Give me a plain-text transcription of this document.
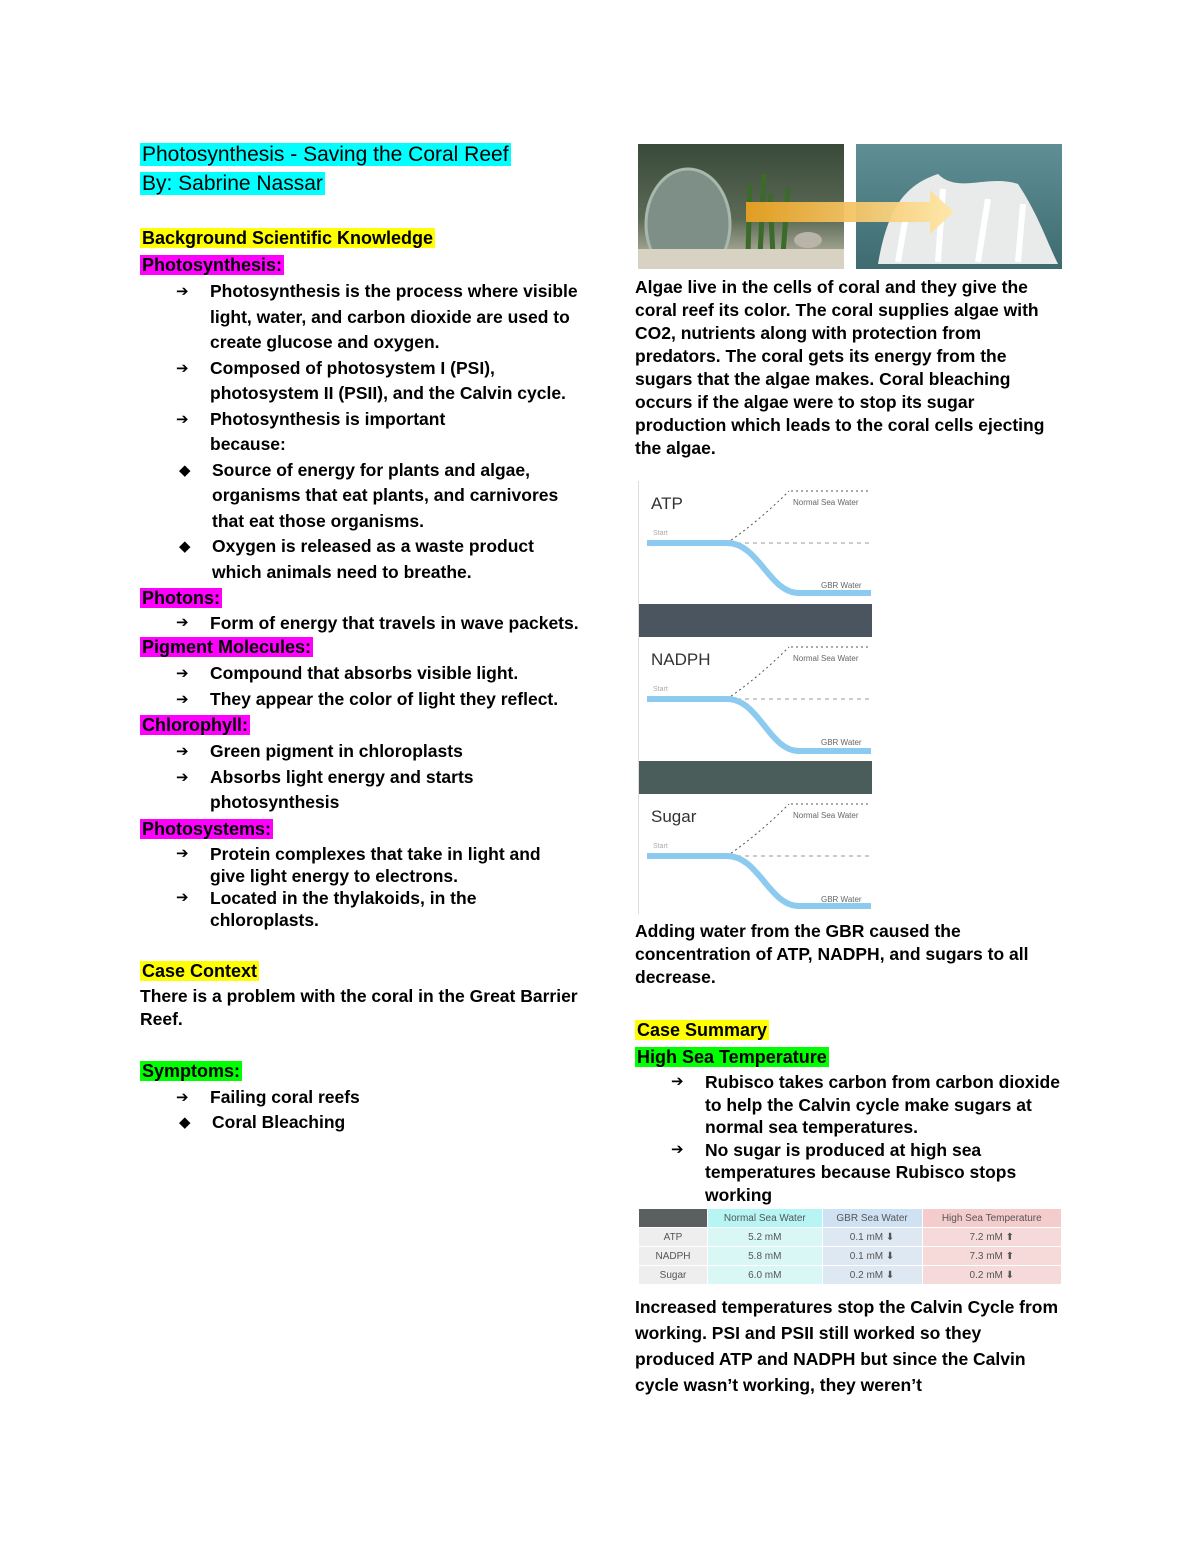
Photosynthesis - Saving the Coral Reef
By: Sabrine Nassar
Background Scientific Knowledge
Photosynthesis:
➔ Photosynthesis is the process where visible light, water, and carbon dioxide are used to create glucose and oxygen.
➔ Composed of photosystem I (PSI), photosystem II (PSII), and the Calvin cycle.
➔ Photosynthesis is important because:
◆ Source of energy for plants and algae, organisms that eat plants, and carnivores that eat those organisms.
◆ Oxygen is released as a waste product which animals need to breathe.
Photons:
➔ Form of energy that travels in wave packets.
Pigment Molecules:
➔ Compound that absorbs visible light.
➔ They appear the color of light they reflect.
Chlorophyll:
➔ Green pigment in chloroplasts
➔ Absorbs light energy and starts photosynthesis
Photosystems:
➔ Protein complexes that take in light and give light energy to electrons.
➔ Located in the thylakoids, in the chloroplasts.
Case Context
There is a problem with the coral in the Great Barrier Reef.
Symptoms:
➔ Failing coral reefs
◆ Coral Bleaching
Algae live in the cells of coral and they give the coral reef its color. The coral supplies algae with CO2, nutrients along with protection from predators. The coral gets its energy from the sugars that the algae makes. Coral bleaching occurs if the algae were to stop its sugar production which leads to the coral cells ejecting the algae.
ATP	Normal Sea Water
Start
GBR Water
NADPH	Normal Sea Water
Start
GBR Water
Sugar	Normal Sea Water
Start
GBR Water
Adding water from the GBR caused the concentration of ATP, NADPH, and sugars to all decrease.
Case Summary
High Sea Temperature
➔ Rubisco takes carbon from carbon dioxide to help the Calvin cycle make sugars at normal sea temperatures.
➔ No sugar is produced at high sea temperatures because Rubisco stops working
	Normal Sea Water	GBR Sea Water	High Sea Temperature
ATP	5.2 mM	0.1 mM ⬇	7.2 mM ⬆
NADPH	5.8 mM	0.1 mM ⬇	7.3 mM ⬆
Sugar	6.0 mM	0.2 mM ⬇	0.2 mM ⬇
Increased temperatures stop the Calvin Cycle from working. PSI and PSII still worked so they produced ATP and NADPH but since the Calvin cycle wasn’t working, they weren’t
